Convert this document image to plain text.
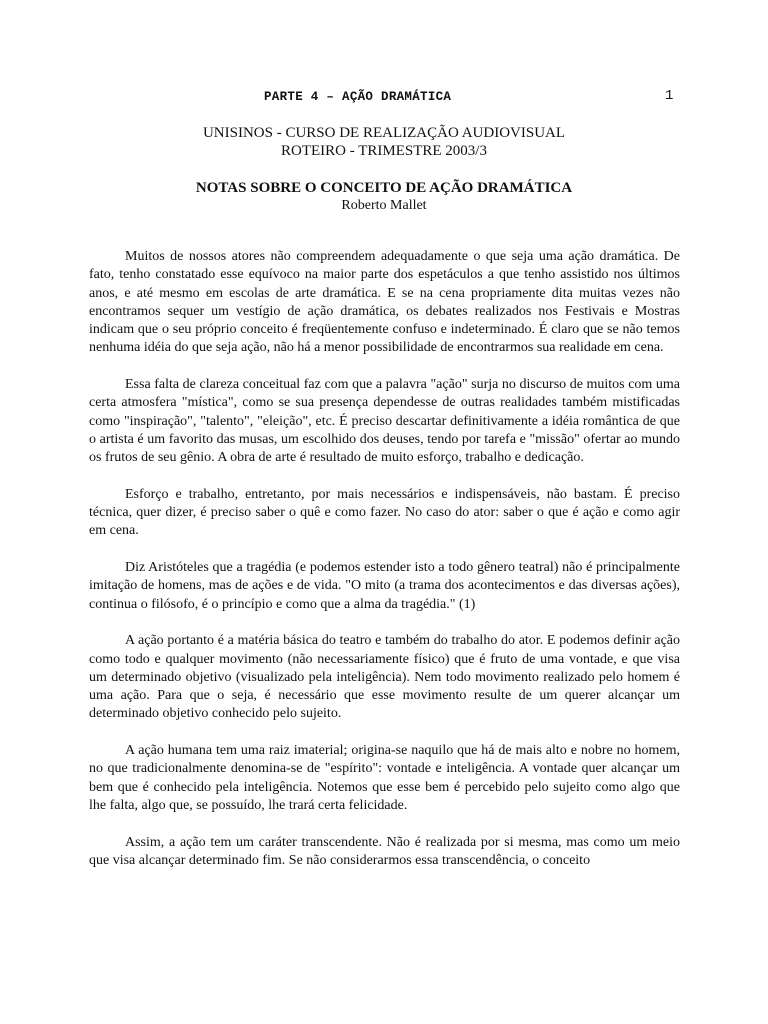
PARTE 4 – AÇÃO DRAMÁTICA	1
UNISINOS - CURSO DE REALIZAÇÃO AUDIOVISUAL
ROTEIRO - TRIMESTRE 2003/3
NOTAS SOBRE O CONCEITO DE AÇÃO DRAMÁTICA
Roberto Mallet

Muitos de nossos atores não compreendem adequadamente o que seja uma ação dramática. De fato, tenho constatado esse equívoco na maior parte dos espetáculos a que tenho assistido nos últimos anos, e até mesmo em escolas de arte dramática. E se na cena propriamente dita muitas vezes não encontramos sequer um vestígio de ação dramática, os debates realizados nos Festivais e Mostras indicam que o seu próprio conceito é freqüentemente confuso e indeterminado. É claro que se não temos nenhuma idéia do que seja ação, não há a menor possibilidade de encontrarmos sua realidade em cena.

Essa falta de clareza conceitual faz com que a palavra "ação" surja no discurso de muitos com uma certa atmosfera "mística", como se sua presença dependesse de outras realidades também mistificadas como "inspiração", "talento", "eleição", etc. É preciso descartar definitivamente a idéia romântica de que o artista é um favorito das musas, um escolhido dos deuses, tendo por tarefa e "missão" ofertar ao mundo os frutos de seu gênio. A obra de arte é resultado de muito esforço, trabalho e dedicação.

Esforço e trabalho, entretanto, por mais necessários e indispensáveis, não bastam. É preciso técnica, quer dizer, é preciso saber o quê e como fazer. No caso do ator: saber o que é ação e como agir em cena.

Diz Aristóteles que a tragédia (e podemos estender isto a todo gênero teatral) não é principalmente imitação de homens, mas de ações e de vida. "O mito (a trama dos acontecimentos e das diversas ações), continua o filósofo, é o princípio e como que a alma da tragédia." (1)

A ação portanto é a matéria básica do teatro e também do trabalho do ator. E podemos definir ação como todo e qualquer movimento (não necessariamente físico) que é fruto de uma vontade, e que visa um determinado objetivo (visualizado pela inteligência). Nem todo movimento realizado pelo homem é uma ação. Para que o seja, é necessário que esse movimento resulte de um querer alcançar um determinado objetivo conhecido pelo sujeito.

A ação humana tem uma raiz imaterial; origina-se naquilo que há de mais alto e nobre no homem, no que tradicionalmente denomina-se de "espírito": vontade e inteligência. A vontade quer alcançar um bem que é conhecido pela inteligência. Notemos que esse bem é percebido pelo sujeito como algo que lhe falta, algo que, se possuído, lhe trará certa felicidade.

Assim, a ação tem um caráter transcendente. Não é realizada por si mesma, mas como um meio que visa alcançar determinado fim. Se não considerarmos essa transcendência, o conceito
